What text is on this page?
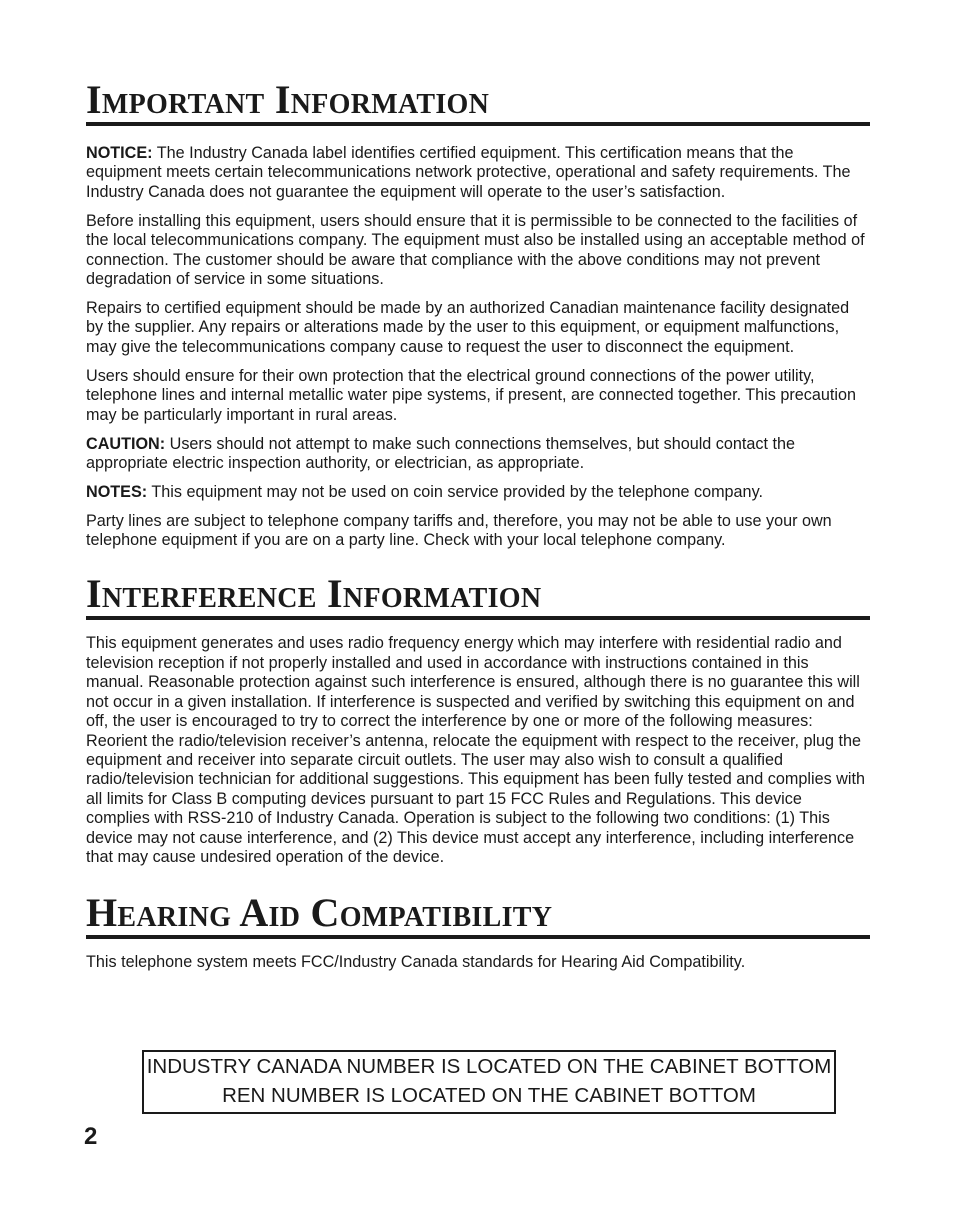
Important Information

NOTICE: The Industry Canada label identifies certified equipment. This certification means that the equipment meets certain telecommunications network protective, operational and safety requirements. The Industry Canada does not guarantee the equipment will operate to the user’s satisfaction.

Before installing this equipment, users should ensure that it is permissible to be connected to the facilities of the local telecommunications company. The equipment must also be installed using an acceptable method of connection. The customer should be aware that compliance with the above conditions may not prevent degradation of service in some situations.

Repairs to certified equipment should be made by an authorized Canadian maintenance facility designated by the supplier. Any repairs or alterations made by the user to this equipment, or equipment malfunctions, may give the telecommunications company cause to request the user to disconnect the equipment.

Users should ensure for their own protection that the electrical ground connections of the power utility, telephone lines and internal metallic water pipe systems, if present, are connected together. This precaution may be particularly important in rural areas.

CAUTION: Users should not attempt to make such connections themselves, but should contact the appropriate electric inspection authority, or electrician, as appropriate.

NOTES: This equipment may not be used on coin service provided by the telephone company.

Party lines are subject to telephone company tariffs and, therefore, you may not be able to use your own telephone equipment if you are on a party line. Check with your local telephone company.

Interference Information

This equipment generates and uses radio frequency energy which may interfere with residential radio and television reception if not properly installed and used in accordance with instructions contained in this manual. Reasonable protection against such interference is ensured, although there is no guarantee this will not occur in a given installation. If interference is suspected and verified by switching this equipment on and off, the user is encouraged to try to correct the interference by one or more of the following measures: Reorient the radio/television receiver’s antenna, relocate the equipment with respect to the receiver, plug the equipment and receiver into separate circuit outlets. The user may also wish to consult a qualified radio/television technician for additional suggestions. This equipment has been fully tested and complies with all limits for Class B computing devices pursuant to part 15 FCC Rules and Regulations. This device complies with RSS-210 of Industry Canada. Operation is subject to the following two conditions: (1) This device may not cause interference, and (2) This device must accept any interference, including interference that may cause undesired operation of the device.

Hearing Aid Compatibility

This telephone system meets FCC/Industry Canada standards for Hearing Aid Compatibility.

INDUSTRY CANADA NUMBER IS LOCATED ON THE CABINET BOTTOM
REN NUMBER IS LOCATED ON THE CABINET BOTTOM
2
